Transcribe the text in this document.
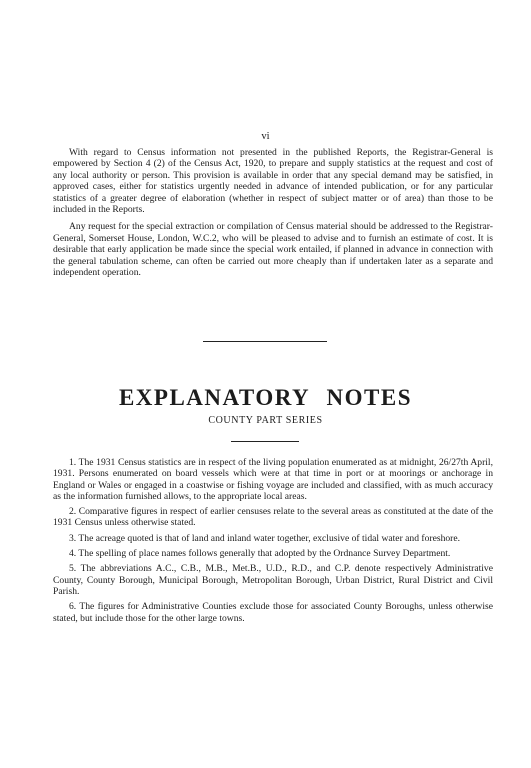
vi

With regard to Census information not presented in the published Reports, the Registrar-General is empowered by Section 4 (2) of the Census Act, 1920, to prepare and supply statistics at the request and cost of any local authority or person. This provision is available in order that any special demand may be satisfied, in approved cases, either for statistics urgently needed in advance of intended publication, or for any particular statistics of a greater degree of elaboration (whether in respect of subject matter or of area) than those to be included in the Reports.

Any request for the special extraction or compilation of Census material should be addressed to the Registrar-General, Somerset House, London, W.C.2, who will be pleased to advise and to furnish an estimate of cost. It is desirable that early application be made since the special work entailed, if planned in advance in connection with the general tabulation scheme, can often be carried out more cheaply than if undertaken later as a separate and independent operation.

EXPLANATORY NOTES
COUNTY PART SERIES

1. The 1931 Census statistics are in respect of the living population enumerated as at midnight, 26/27th April, 1931. Persons enumerated on board vessels which were at that time in port or at moorings or anchorage in England or Wales or engaged in a coastwise or fishing voyage are included and classified, with as much accuracy as the information furnished allows, to the appropriate local areas.

2. Comparative figures in respect of earlier censuses relate to the several areas as constituted at the date of the 1931 Census unless otherwise stated.

3. The acreage quoted is that of land and inland water together, exclusive of tidal water and foreshore.

4. The spelling of place names follows generally that adopted by the Ordnance Survey Department.

5. The abbreviations A.C., C.B., M.B., Met.B., U.D., R.D., and C.P. denote respectively Administrative County, County Borough, Municipal Borough, Metropolitan Borough, Urban District, Rural District and Civil Parish.

6. The figures for Administrative Counties exclude those for associated County Boroughs, unless otherwise stated, but include those for the other large towns.
